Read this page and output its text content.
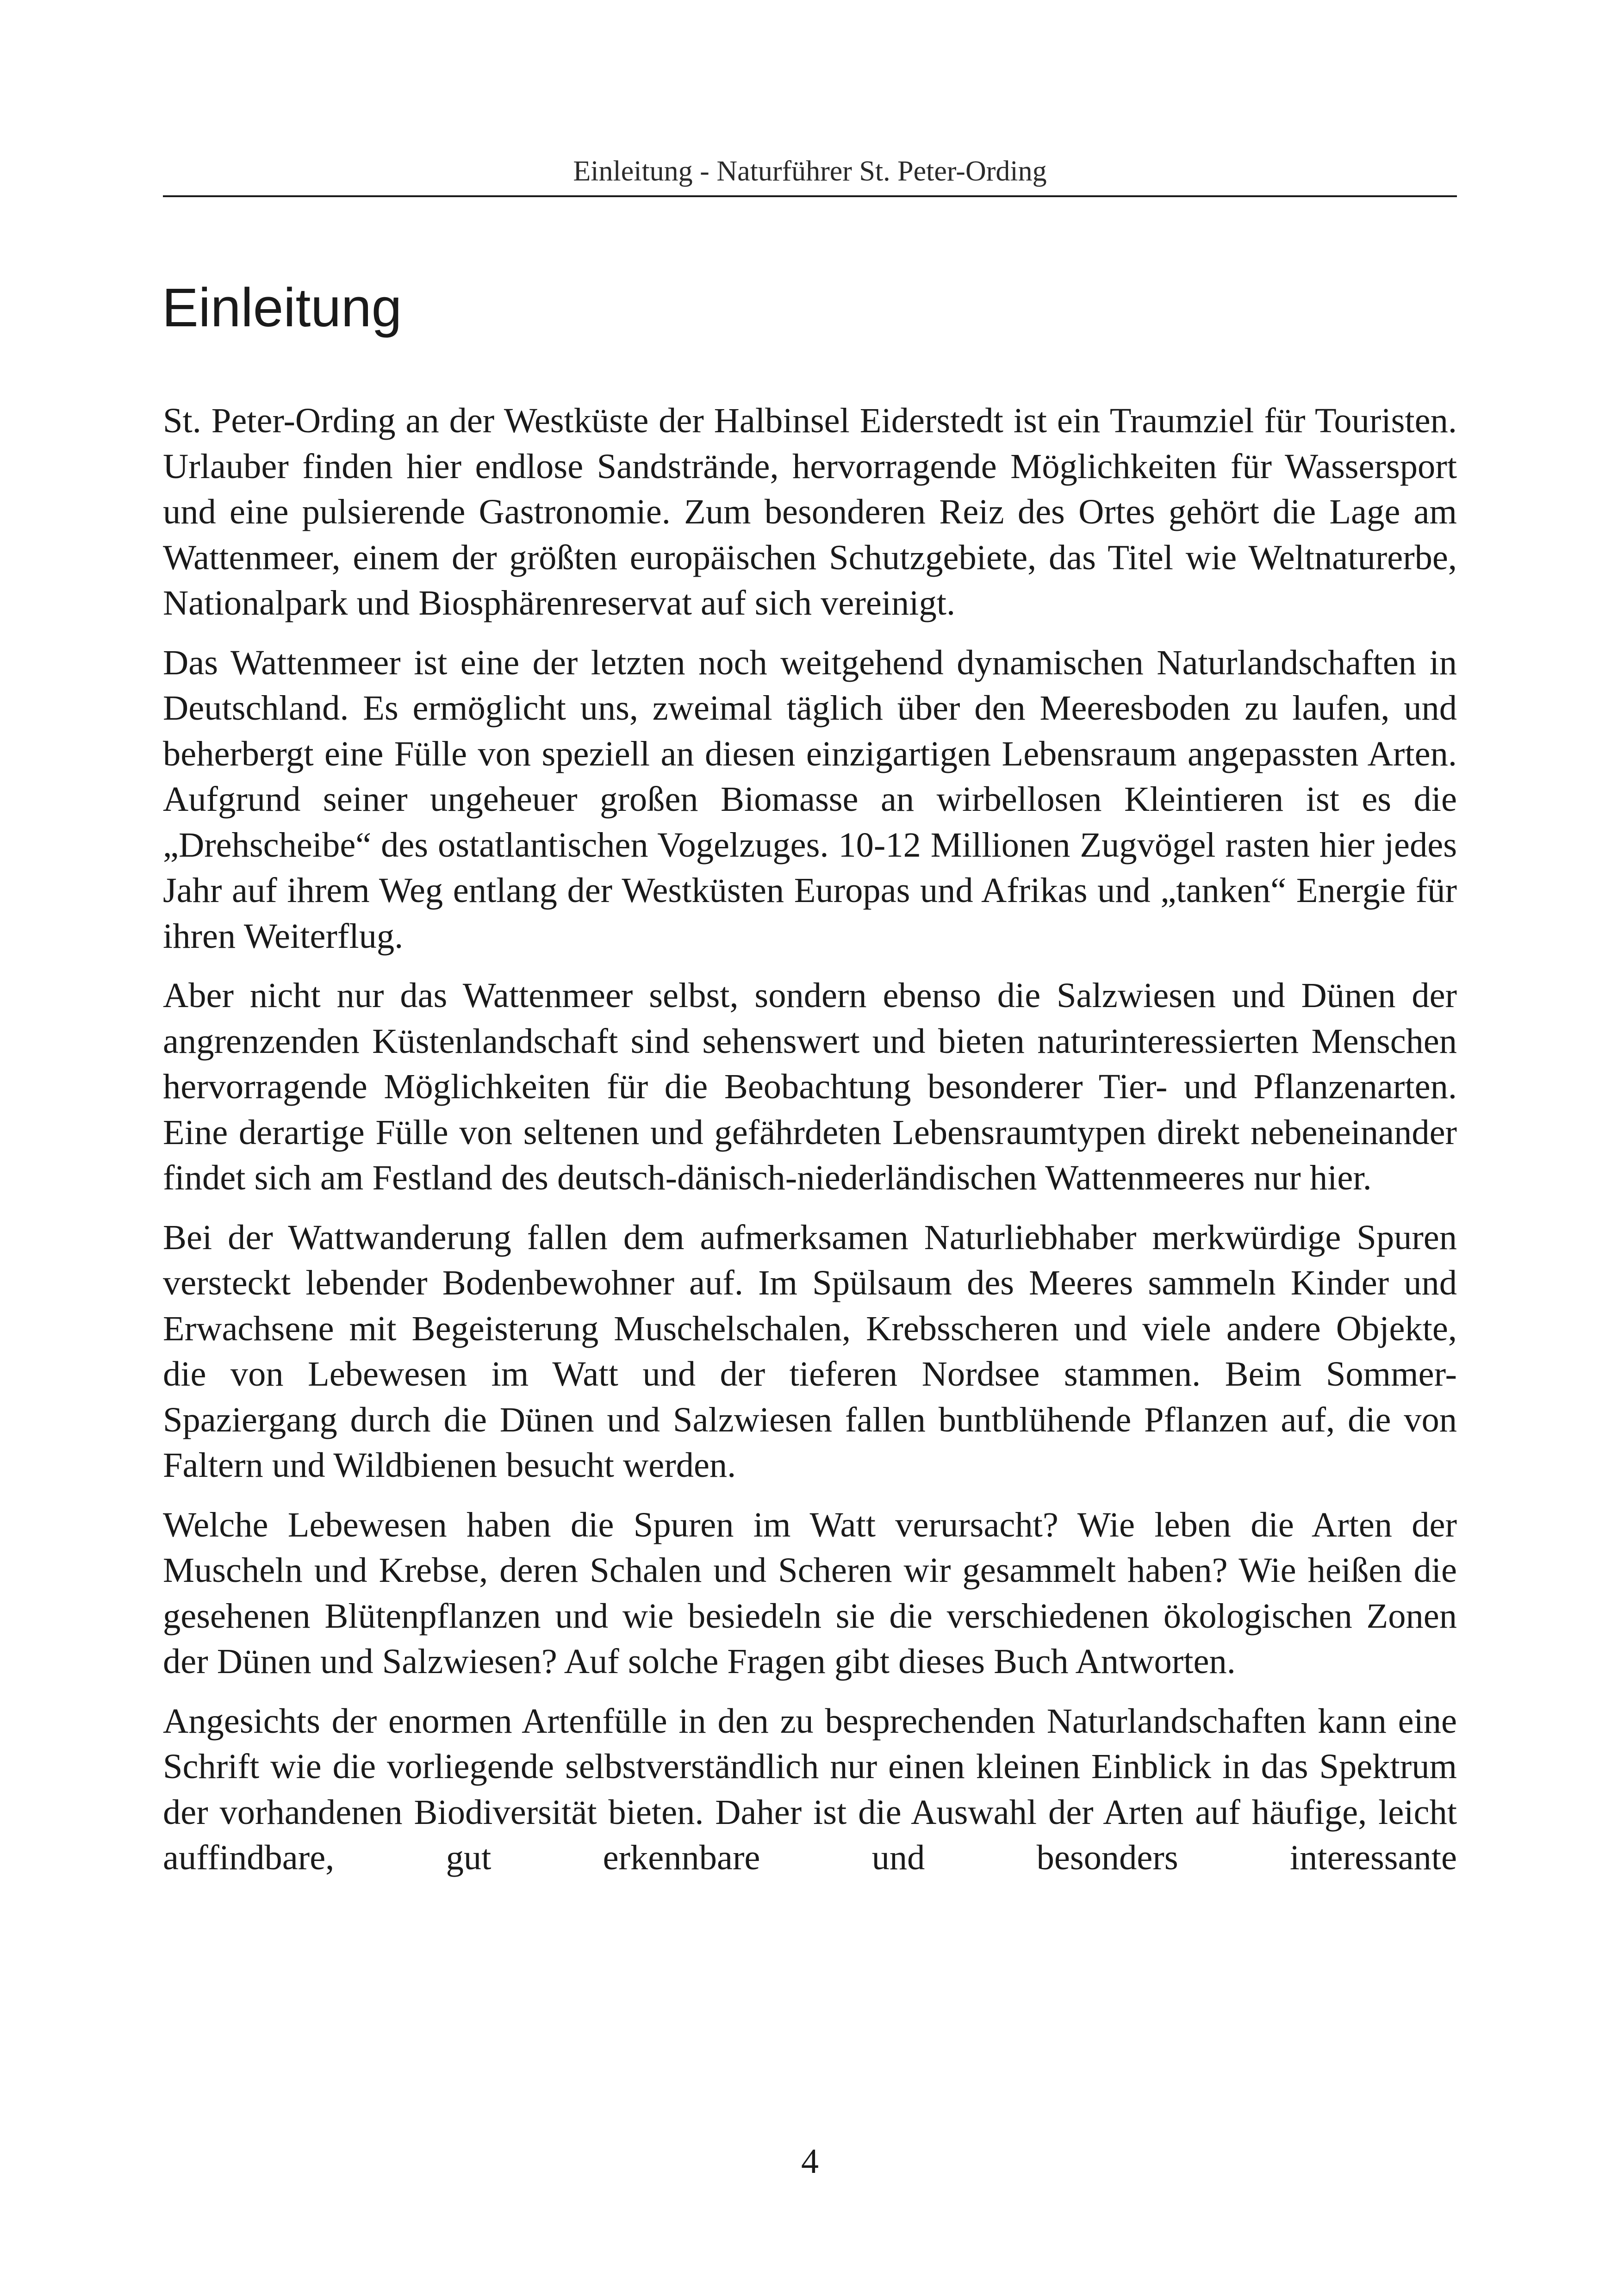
Einleitung - Naturführer St. Peter-Ording
Einleitung

St. Peter-Ording an der Westküste der Halbinsel Eiderstedt ist ein Traumziel für Touristen. Urlauber finden hier endlose Sandstrände, hervorragende Möglichkeiten für Wassersport und eine pulsierende Gastronomie. Zum besonderen Reiz des Ortes gehört die Lage am Wattenmeer, einem der größten europäischen Schutzgebiete, das Titel wie Weltnaturerbe, Nationalpark und Biosphärenreservat auf sich vereinigt.

Das Wattenmeer ist eine der letzten noch weitgehend dynamischen Naturlandschaften in Deutschland. Es ermöglicht uns, zweimal täglich über den Meeresboden zu laufen, und beherbergt eine Fülle von speziell an diesen einzigartigen Lebensraum angepassten Arten. Aufgrund seiner ungeheuer großen Biomasse an wirbellosen Kleintieren ist es die „Drehscheibe“ des ostatlantischen Vogelzuges. 10-12 Millionen Zugvögel rasten hier jedes Jahr auf ihrem Weg entlang der Westküsten Europas und Afrikas und „tanken“ Energie für ihren Weiterflug.

Aber nicht nur das Wattenmeer selbst, sondern ebenso die Salzwiesen und Dünen der angrenzenden Küstenlandschaft sind sehenswert und bieten naturinteressierten Menschen hervorragende Möglichkeiten für die Beobachtung besonderer Tier- und Pflanzenarten. Eine derartige Fülle von seltenen und gefährdeten Lebensraumtypen direkt nebeneinander findet sich am Festland des deutsch-dänisch-niederländischen Wattenmeeres nur hier.

Bei der Wattwanderung fallen dem aufmerksamen Naturliebhaber merkwürdige Spuren versteckt lebender Bodenbewohner auf. Im Spülsaum des Meeres sammeln Kinder und Erwachsene mit Begeisterung Muschelschalen, Krebsscheren und viele andere Objekte, die von Lebewesen im Watt und der tieferen Nordsee stammen. Beim Sommer-Spaziergang durch die Dünen und Salzwiesen fallen buntblühende Pflanzen auf, die von Faltern und Wildbienen besucht werden.

Welche Lebewesen haben die Spuren im Watt verursacht? Wie leben die Arten der Muscheln und Krebse, deren Schalen und Scheren wir gesammelt haben? Wie heißen die gesehenen Blütenpflanzen und wie besiedeln sie die verschiedenen ökologischen Zonen der Dünen und Salzwiesen? Auf solche Fragen gibt dieses Buch Antworten.

Angesichts der enormen Artenfülle in den zu besprechenden Naturlandschaften kann eine Schrift wie die vorliegende selbstverständlich nur einen kleinen Einblick in das Spektrum der vorhandenen Biodiversität bieten. Daher ist die Auswahl der Arten auf häufige, leicht auffindbare, gut erkennbare und besonders interessante

4
